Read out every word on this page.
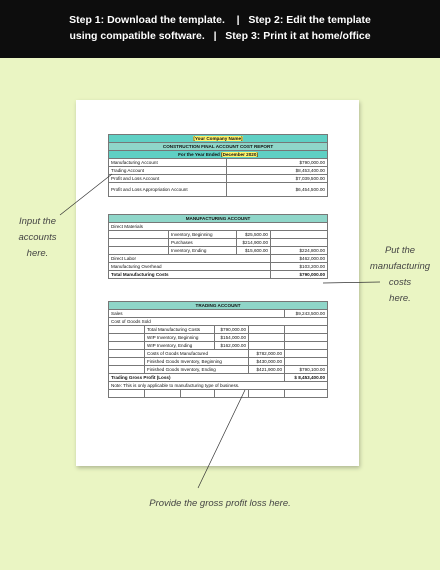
Step 1: Download the template. | Step 2: Edit the template
using compatible software. | Step 3: Print it at home/office
[Your Company Name]	
CONSTRUCTION FINAL ACCOUNT COST REPORT	
For the Year Ended [December 2020]	
Manufacturing Account	$790,000.00
Trading Account	$8,453,400.00
Profit and Loss Account	$7,039,500.00
Profit and Loss Appropriation Account	$6,454,500.00
MANUFACTURING ACCOUNT			
Direct Materials			
	Inventory, Beginning	$25,500.00	
	Purchases	$214,900.00	
	Inventory, Ending	$15,600.00	$224,800.00
Direct Labor			$462,000.00
Manufacturing Overhead			$103,200.00
Total Manufacturing Costs			$790,000.00
TRADING ACCOUNT					
Sales					$9,243,500.00
Cost of Goods Sold					
	Total Manufacturing Costs		$790,000.00		
	WIP Inventory, Beginning		$154,000.00		
	WIP Inventory, Ending		$162,000.00		
	Costs of Goods Manufactured			$782,000.00	
	Finished Goods Inventory, Beginning			$430,000.00	
	Finished Goods Inventory, Ending			$421,900.00	$790,100.00
Trading Gross Profit (Loss)					$ 8,453,400.00
Note: This is only applicable to manufacturing type of business.					

Input the
accounts
here.	Put the
manufacturing
costs
here.
Provide the gross profit loss here.
